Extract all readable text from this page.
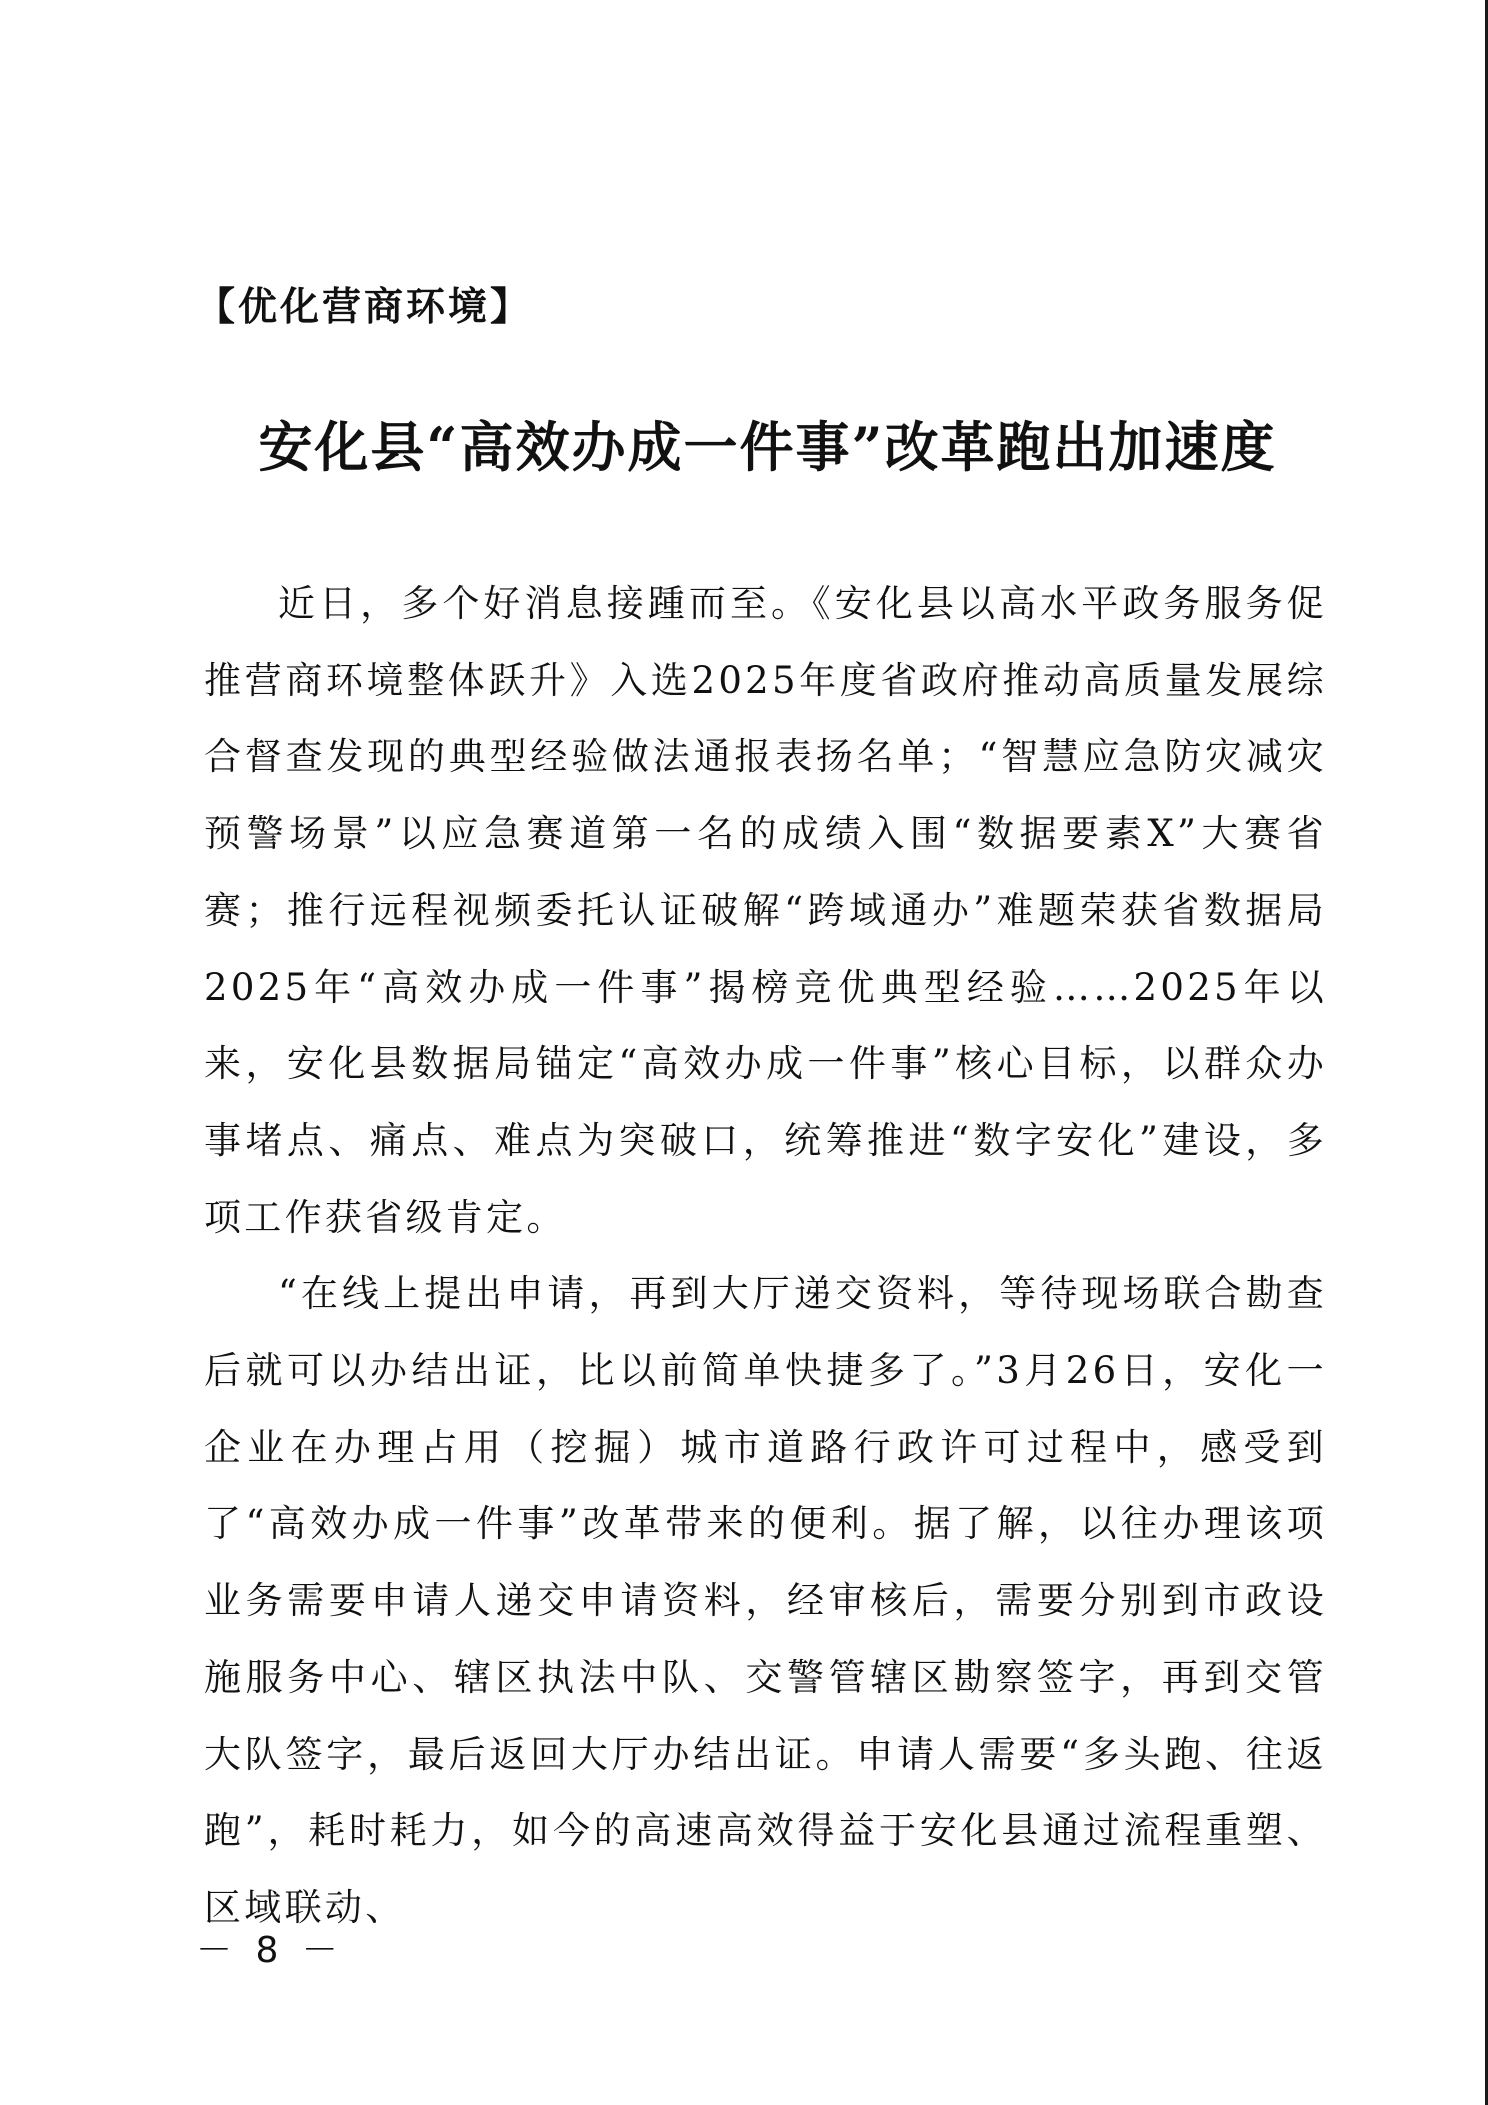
【优化营商环境】
安化县“高效办成一件事”改革跑出加速度

近日，多个好消息接踵而至。《安化县以高水平政务服务促推营商环境整体跃升》入选2025年度省政府推动高质量发展综合督查发现的典型经验做法通报表扬名单；“智慧应急防灾减灾预警场景”以应急赛道第一名的成绩入围“数据要素X”大赛省赛；推行远程视频委托认证破解“跨域通办”难题荣获省数据局2025年“高效办成一件事”揭榜竞优典型经验……2025年以来，安化县数据局锚定“高效办成一件事”核心目标，以群众办事堵点、痛点、难点为突破口，统筹推进“数字安化”建设，多项工作获省级肯定。

“在线上提出申请，再到大厅递交资料，等待现场联合勘查后就可以办结出证，比以前简单快捷多了。”3月26日，安化一企业在办理占用（挖掘）城市道路行政许可过程中，感受到了“高效办成一件事”改革带来的便利。据了解，以往办理该项业务需要申请人递交申请资料，经审核后，需要分别到市政设施服务中心、辖区执法中队、交警管辖区勘察签字，再到交管大队签字，最后返回大厅办结出证。申请人需要“多头跑、往返跑”，耗时耗力，如今的高速高效得益于安化县通过流程重塑、区域联动、

－ 8 －
